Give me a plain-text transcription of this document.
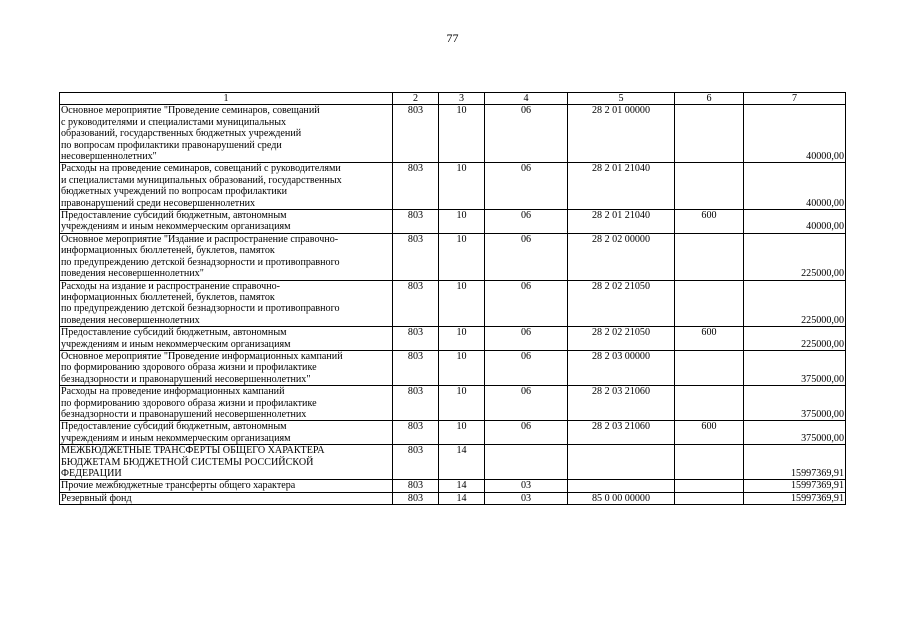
77
1	2	3	4	5	6	7

Основное мероприятие "Проведение семинаров, совещаний
с руководителями и специалистами муниципальных
образований, государственных бюджетных учреждений
по вопросам профилактики правонарушений среди
несовершеннолетних"	803	10	06	28 2 01 00000		40000,00

Расходы на проведение семинаров, совещаний с руководителями
и специалистами муниципальных образований, государственных
бюджетных учреждений по вопросам профилактики
правонарушений среди несовершеннолетних	803	10	06	28 2 01 21040		40000,00

Предоставление субсидий бюджетным, автономным
учреждениям и иным некоммерческим организациям	803	10	06	28 2 01 21040	600	40000,00

Основное мероприятие "Издание и распространение справочно-
информационных бюллетеней, буклетов, памяток
по предупреждению детской безнадзорности и противоправного
поведения несовершеннолетних"	803	10	06	28 2 02 00000		225000,00

Расходы на издание и распространение справочно-
информационных бюллетеней, буклетов, памяток
по предупреждению детской безнадзорности и противоправного
поведения несовершеннолетних	803	10	06	28 2 02 21050		225000,00

Предоставление субсидий бюджетным, автономным
учреждениям и иным некоммерческим организациям	803	10	06	28 2 02 21050	600	225000,00

Основное мероприятие "Проведение информационных кампаний
по формированию здорового образа жизни и профилактике
безнадзорности и правонарушений несовершеннолетних"	803	10	06	28 2 03 00000		375000,00

Расходы на проведение информационных кампаний
по формированию здорового образа жизни и профилактике
безнадзорности и правонарушений несовершеннолетних	803	10	06	28 2 03 21060		375000,00

Предоставление субсидий бюджетным, автономным
учреждениям и иным некоммерческим организациям	803	10	06	28 2 03 21060	600	375000,00

МЕЖБЮДЖЕТНЫЕ ТРАНСФЕРТЫ ОБЩЕГО ХАРАКТЕРА
БЮДЖЕТАМ БЮДЖЕТНОЙ СИСТЕМЫ РОССИЙСКОЙ
ФЕДЕРАЦИИ	803	14				15997369,91

Прочие межбюджетные трансферты общего характера	803	14	03			15997369,91

Резервный фонд	803	14	03	85 0 00 00000		15997369,91
